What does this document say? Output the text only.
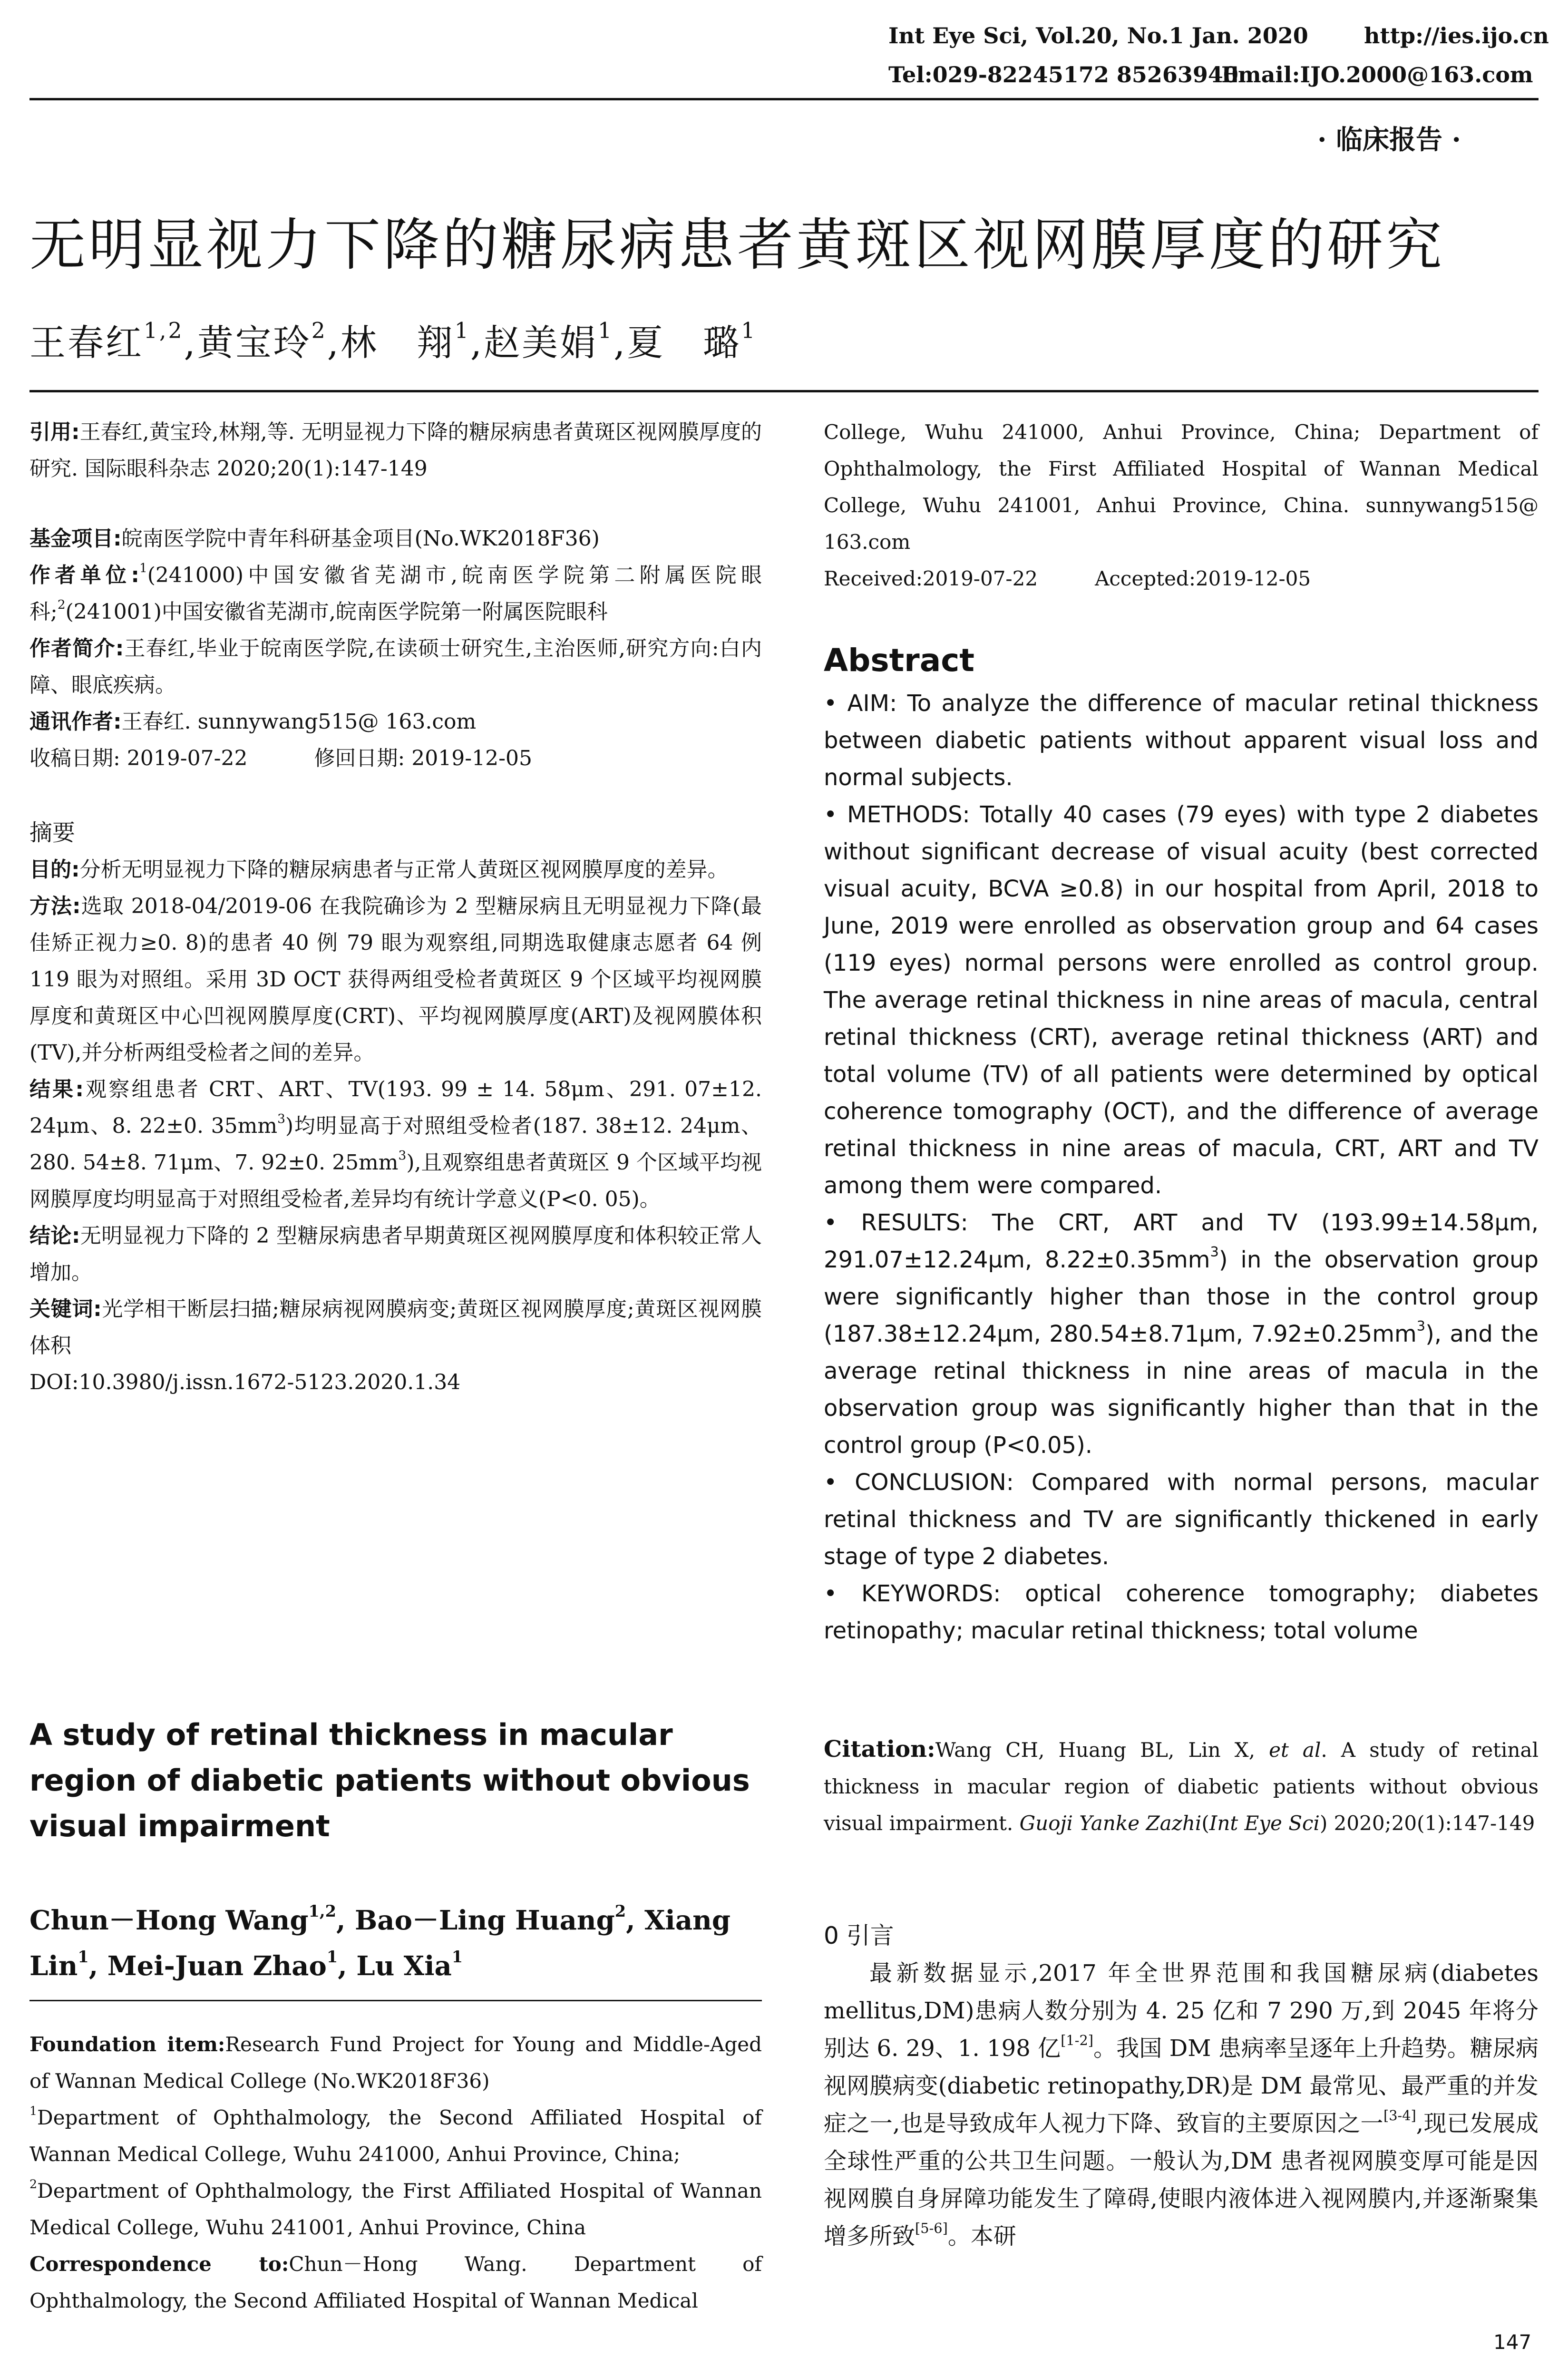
Int Eye Sci, Vol.20, No.1 Jan. 2020	http://ies.ijo.cn
Tel:029-82245172 85263940
Email:IJO.2000@163.com
· 临床报告 ·
无明显视力下降的糖尿病患者黄斑区视网膜厚度的研究
王春红$^{1,2}$,黄宝玲$^2$,林　翔$^1$,赵美娟$^1$,夏　璐$^1$

引用:王春红,黄宝玲,林翔,等. 无明显视力下降的糖尿病患者黄斑区视网膜厚度的研究. 国际眼科杂志 2020;20(1):147-149

基金项目:皖南医学院中青年科研基金项目(No.WK2018F36)

作者单位:$^1$(241000)中国安徽省芜湖市,皖南医学院第二附属医院眼科;$^2$(241001)中国安徽省芜湖市,皖南医学院第一附属医院眼科

作者简介:王春红,毕业于皖南医学院,在读硕士研究生,主治医师,研究方向:白内障、眼底疾病。

通讯作者:王春红. sunnywang515@ 163.com

收稿日期: 2019-07-22	修回日期: 2019-12-05

摘要

目的:分析无明显视力下降的糖尿病患者与正常人黄斑区视网膜厚度的差异。

方法:选取 2018-04/2019-06 在我院确诊为 2 型糖尿病且无明显视力下降(最佳矫正视力≥0. 8)的患者 40 例 79 眼为观察组,同期选取健康志愿者 64 例 119 眼为对照组。采用 3D OCT 获得两组受检者黄斑区 9 个区域平均视网膜厚度和黄斑区中心凹视网膜厚度(CRT)、平均视网膜厚度(ART)及视网膜体积(TV),并分析两组受检者之间的差异。

结果:观察组患者 CRT、ART、TV(193. 99 ± 14. 58μm、291. 07±12. 24μm、8. 22±0. $35mm^3$)均明显高于对照组受检者(187. 38±12. 24μm、280. 54±8. 71μm、7. 92±0. $25mm^3$),且观察组患者黄斑区 9 个区域平均视网膜厚度均明显高于对照组受检者,差异均有统计学意义(P<0. 05)。

结论:无明显视力下降的 2 型糖尿病患者早期黄斑区视网膜厚度和体积较正常人增加。

关键词:光学相干断层扫描;糖尿病视网膜病变;黄斑区视网膜厚度;黄斑区视网膜体积

DOI:10.3980/j.issn.1672-5123.2020.1.34

A study of retinal thickness in macular region of diabetic patients without obvious visual impairment
Chun－Hong Wang$^{1,2}$, Bao－Ling Huang$^2$, Xiang Lin$^1$, Mei-Juan Zhao$^1$, Lu Xia$^1$

Foundation item:Research Fund Project for Young and Middle-Aged of Wannan Medical College (No.WK2018F36)

$^1$Department of Ophthalmology, the Second Affiliated Hospital of Wannan Medical College, Wuhu 241000, Anhui Province, China;

$^2$Department of Ophthalmology, the First Affiliated Hospital of Wannan Medical College, Wuhu 241001, Anhui Province, China

Correspondence to:Chun－Hong Wang. Department of Ophthalmology, the Second Affiliated Hospital of Wannan Medical

College, Wuhu 241000, Anhui Province, China; Department of Ophthalmology, the First Affiliated Hospital of Wannan Medical College, Wuhu 241001, Anhui Province, China. sunnywang515@ 163.com

Received:2019-07-22	Accepted:2019-12-05

Abstract

• AIM: To analyze the difference of macular retinal thickness between diabetic patients without apparent visual loss and normal subjects.

• METHODS: Totally 40 cases (79 eyes) with type 2 diabetes without significant decrease of visual acuity (best corrected visual acuity, BCVA ≥0.8) in our hospital from April, 2018 to June, 2019 were enrolled as observation group and 64 cases (119 eyes) normal persons were enrolled as control group. The average retinal thickness in nine areas of macula, central retinal thickness (CRT), average retinal thickness (ART) and total volume (TV) of all patients were determined by optical coherence tomography (OCT), and the difference of average retinal thickness in nine areas of macula, CRT, ART and TV among them were compared.

• RESULTS: The CRT, ART and TV (193.99±14.58μm, 291.07±12.24μm, $8.22\pm 0.35mm^3$) in the observation group were significantly higher than those in the control group (187.38±12.24μm, 280.54±8.71μm, $7.92\pm 0.25mm^3$), and the average retinal thickness in nine areas of macula in the observation group was significantly higher than that in the control group (P<0.05).

• CONCLUSION: Compared with normal persons, macular retinal thickness and TV are significantly thickened in early stage of type 2 diabetes.

• KEYWORDS: optical coherence tomography; diabetes retinopathy; macular retinal thickness; total volume

Citation:Wang CH, Huang BL, Lin X, et al. A study of retinal thickness in macular region of diabetic patients without obvious visual impairment. Guoji Yanke Zazhi(Int Eye Sci) 2020;20(1):147-149

0 引言

最新数据显示,2017 年全世界范围和我国糖尿病(diabetes mellitus,DM)患病人数分别为 4. 25 亿和 7 290 万,到 2045 年将分别达 6. 29、1. 198 亿[1-2]。我国 DM 患病率呈逐年上升趋势。糖尿病视网膜病变(diabetic retinopathy,DR)是 DM 最常见、最严重的并发症之一,也是导致成年人视力下降、致盲的主要原因之一[3-4],现已发展成全球性严重的公共卫生问题。一般认为,DM 患者视网膜变厚可能是因视网膜自身屏障功能发生了障碍,使眼内液体进入视网膜内,并逐渐聚集增多所致[5-6]。本研

147
